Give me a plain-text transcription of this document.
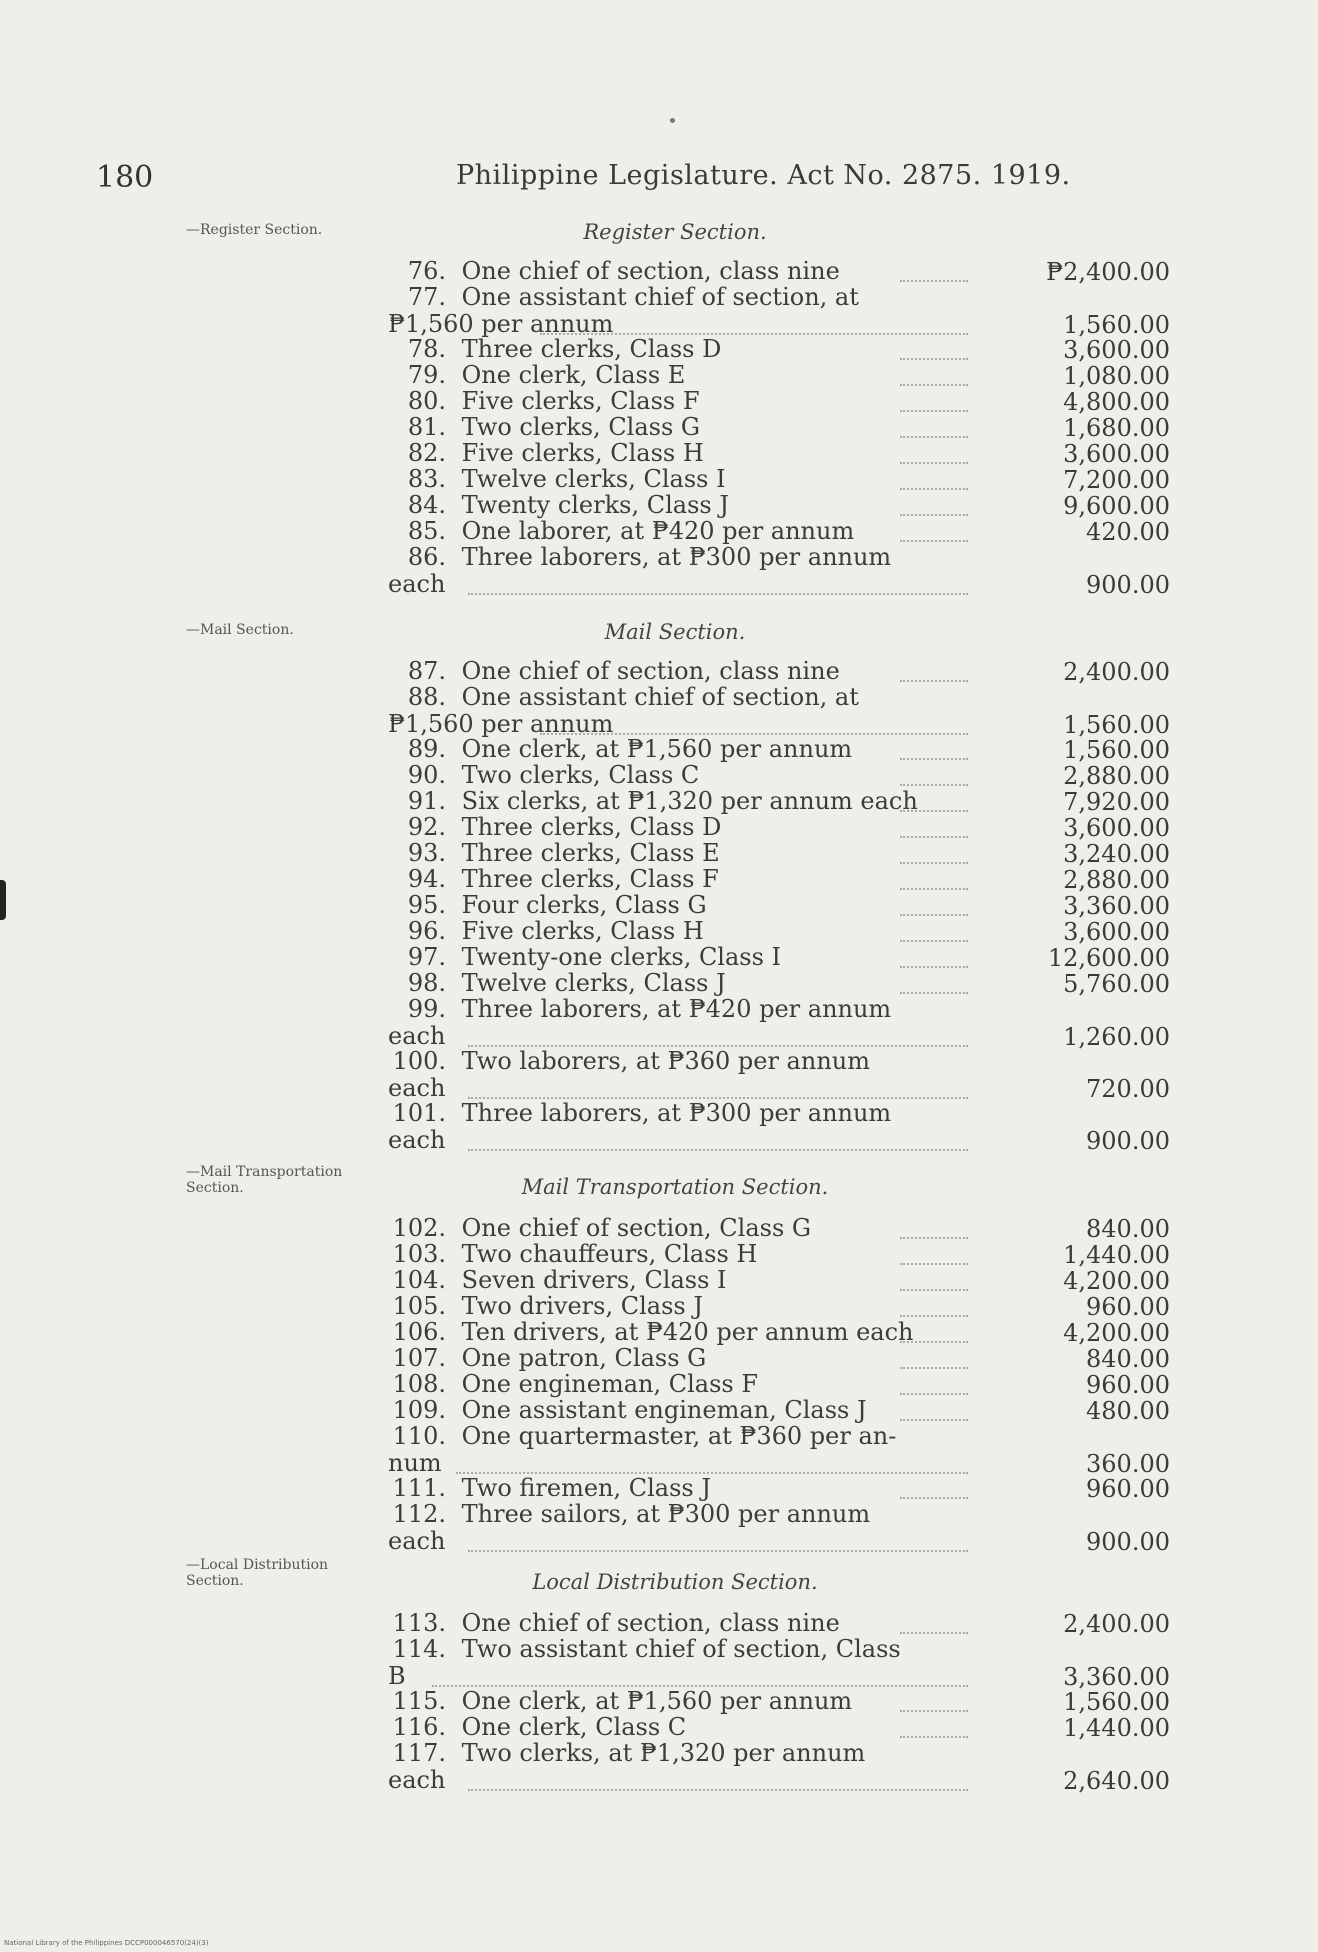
180	Philippine Legislature. Act No. 2875. 1919.
—Register Section.
—Mail Section.
—Mail Transportation Section.
—Local Distribution Section.
Register Section.
76. One chief of section, class nine	₱2,400.00
77. One assistant chief of section, at
₱1,560 per annum	1,560.00
78. Three clerks, Class D	3,600.00
79. One clerk, Class E	1,080.00
80. Five clerks, Class F	4,800.00
81. Two clerks, Class G	1,680.00
82. Five clerks, Class H	3,600.00
83. Twelve clerks, Class I	7,200.00
84. Twenty clerks, Class J	9,600.00
85. One laborer, at ₱420 per annum	420.00
86. Three laborers, at ₱300 per annum
each	900.00
Mail Section.
87. One chief of section, class nine	2,400.00
88. One assistant chief of section, at
₱1,560 per annum	1,560.00
89. One clerk, at ₱1,560 per annum	1,560.00
90. Two clerks, Class C	2,880.00
91. Six clerks, at ₱1,320 per annum each	7,920.00
92. Three clerks, Class D	3,600.00
93. Three clerks, Class E	3,240.00
94. Three clerks, Class F	2,880.00
95. Four clerks, Class G	3,360.00
96. Five clerks, Class H	3,600.00
97. Twenty-one clerks, Class I	12,600.00
98. Twelve clerks, Class J	5,760.00
99. Three laborers, at ₱420 per annum
each	1,260.00
100. Two laborers, at ₱360 per annum
each	720.00
101. Three laborers, at ₱300 per annum
each	900.00
Mail Transportation Section.
102. One chief of section, Class G	840.00
103. Two chauffeurs, Class H	1,440.00
104. Seven drivers, Class I	4,200.00
105. Two drivers, Class J	960.00
106. Ten drivers, at ₱420 per annum each	4,200.00
107. One patron, Class G	840.00
108. One engineman, Class F	960.00
109. One assistant engineman, Class J	480.00
110. One quartermaster, at ₱360 per an-
num	360.00
111. Two firemen, Class J	960.00
112. Three sailors, at ₱300 per annum
each	900.00
Local Distribution Section.
113. One chief of section, class nine	2,400.00
114. Two assistant chief of section, Class
B	3,360.00
115. One clerk, at ₱1,560 per annum	1,560.00
116. One clerk, Class C	1,440.00
117. Two clerks, at ₱1,320 per annum
each	2,640.00
National Library of the Philippines DCCP000046570(24)(3)
